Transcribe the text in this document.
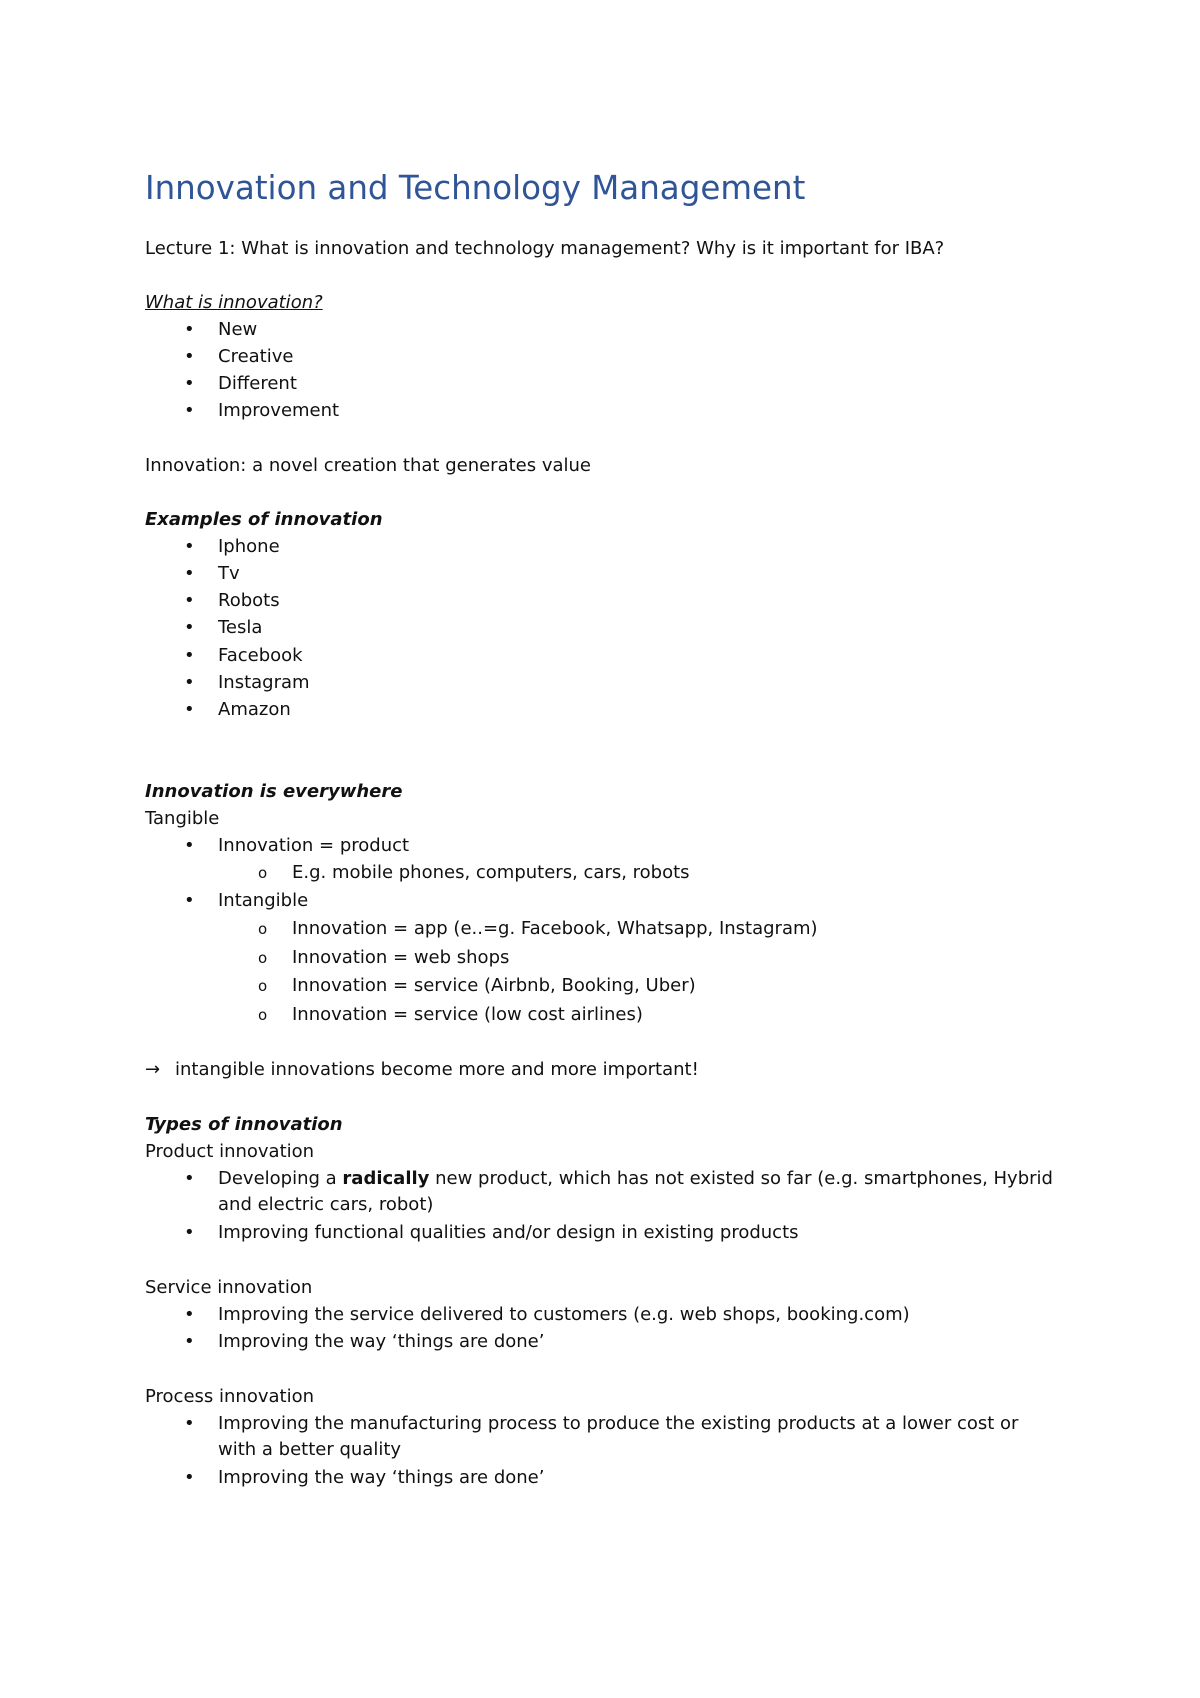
Innovation and Technology Management
Lecture 1: What is innovation and technology management? Why is it important for IBA?
What is innovation?
• New
• Creative
• Different
• Improvement
Innovation: a novel creation that generates value
Examples of innovation
• Iphone
• Tv
• Robots
• Tesla
• Facebook
• Instagram
• Amazon
Innovation is everywhere
Tangible
• Innovation = product
o E.g. mobile phones, computers, cars, robots
• Intangible
o Innovation = app (e..=g. Facebook, Whatsapp, Instagram)
o Innovation = web shops
o Innovation = service (Airbnb, Booking, Uber)
o Innovation = service (low cost airlines)
→ intangible innovations become more and more important!
Types of innovation
Product innovation
• Developing a radically new product, which has not existed so far (e.g. smartphones, Hybrid
and electric cars, robot)
• Improving functional qualities and/or design in existing products
Service innovation
• Improving the service delivered to customers (e.g. web shops, booking.com)
• Improving the way ‘things are done’
Process innovation
• Improving the manufacturing process to produce the existing products at a lower cost or
with a better quality
• Improving the way ‘things are done’
